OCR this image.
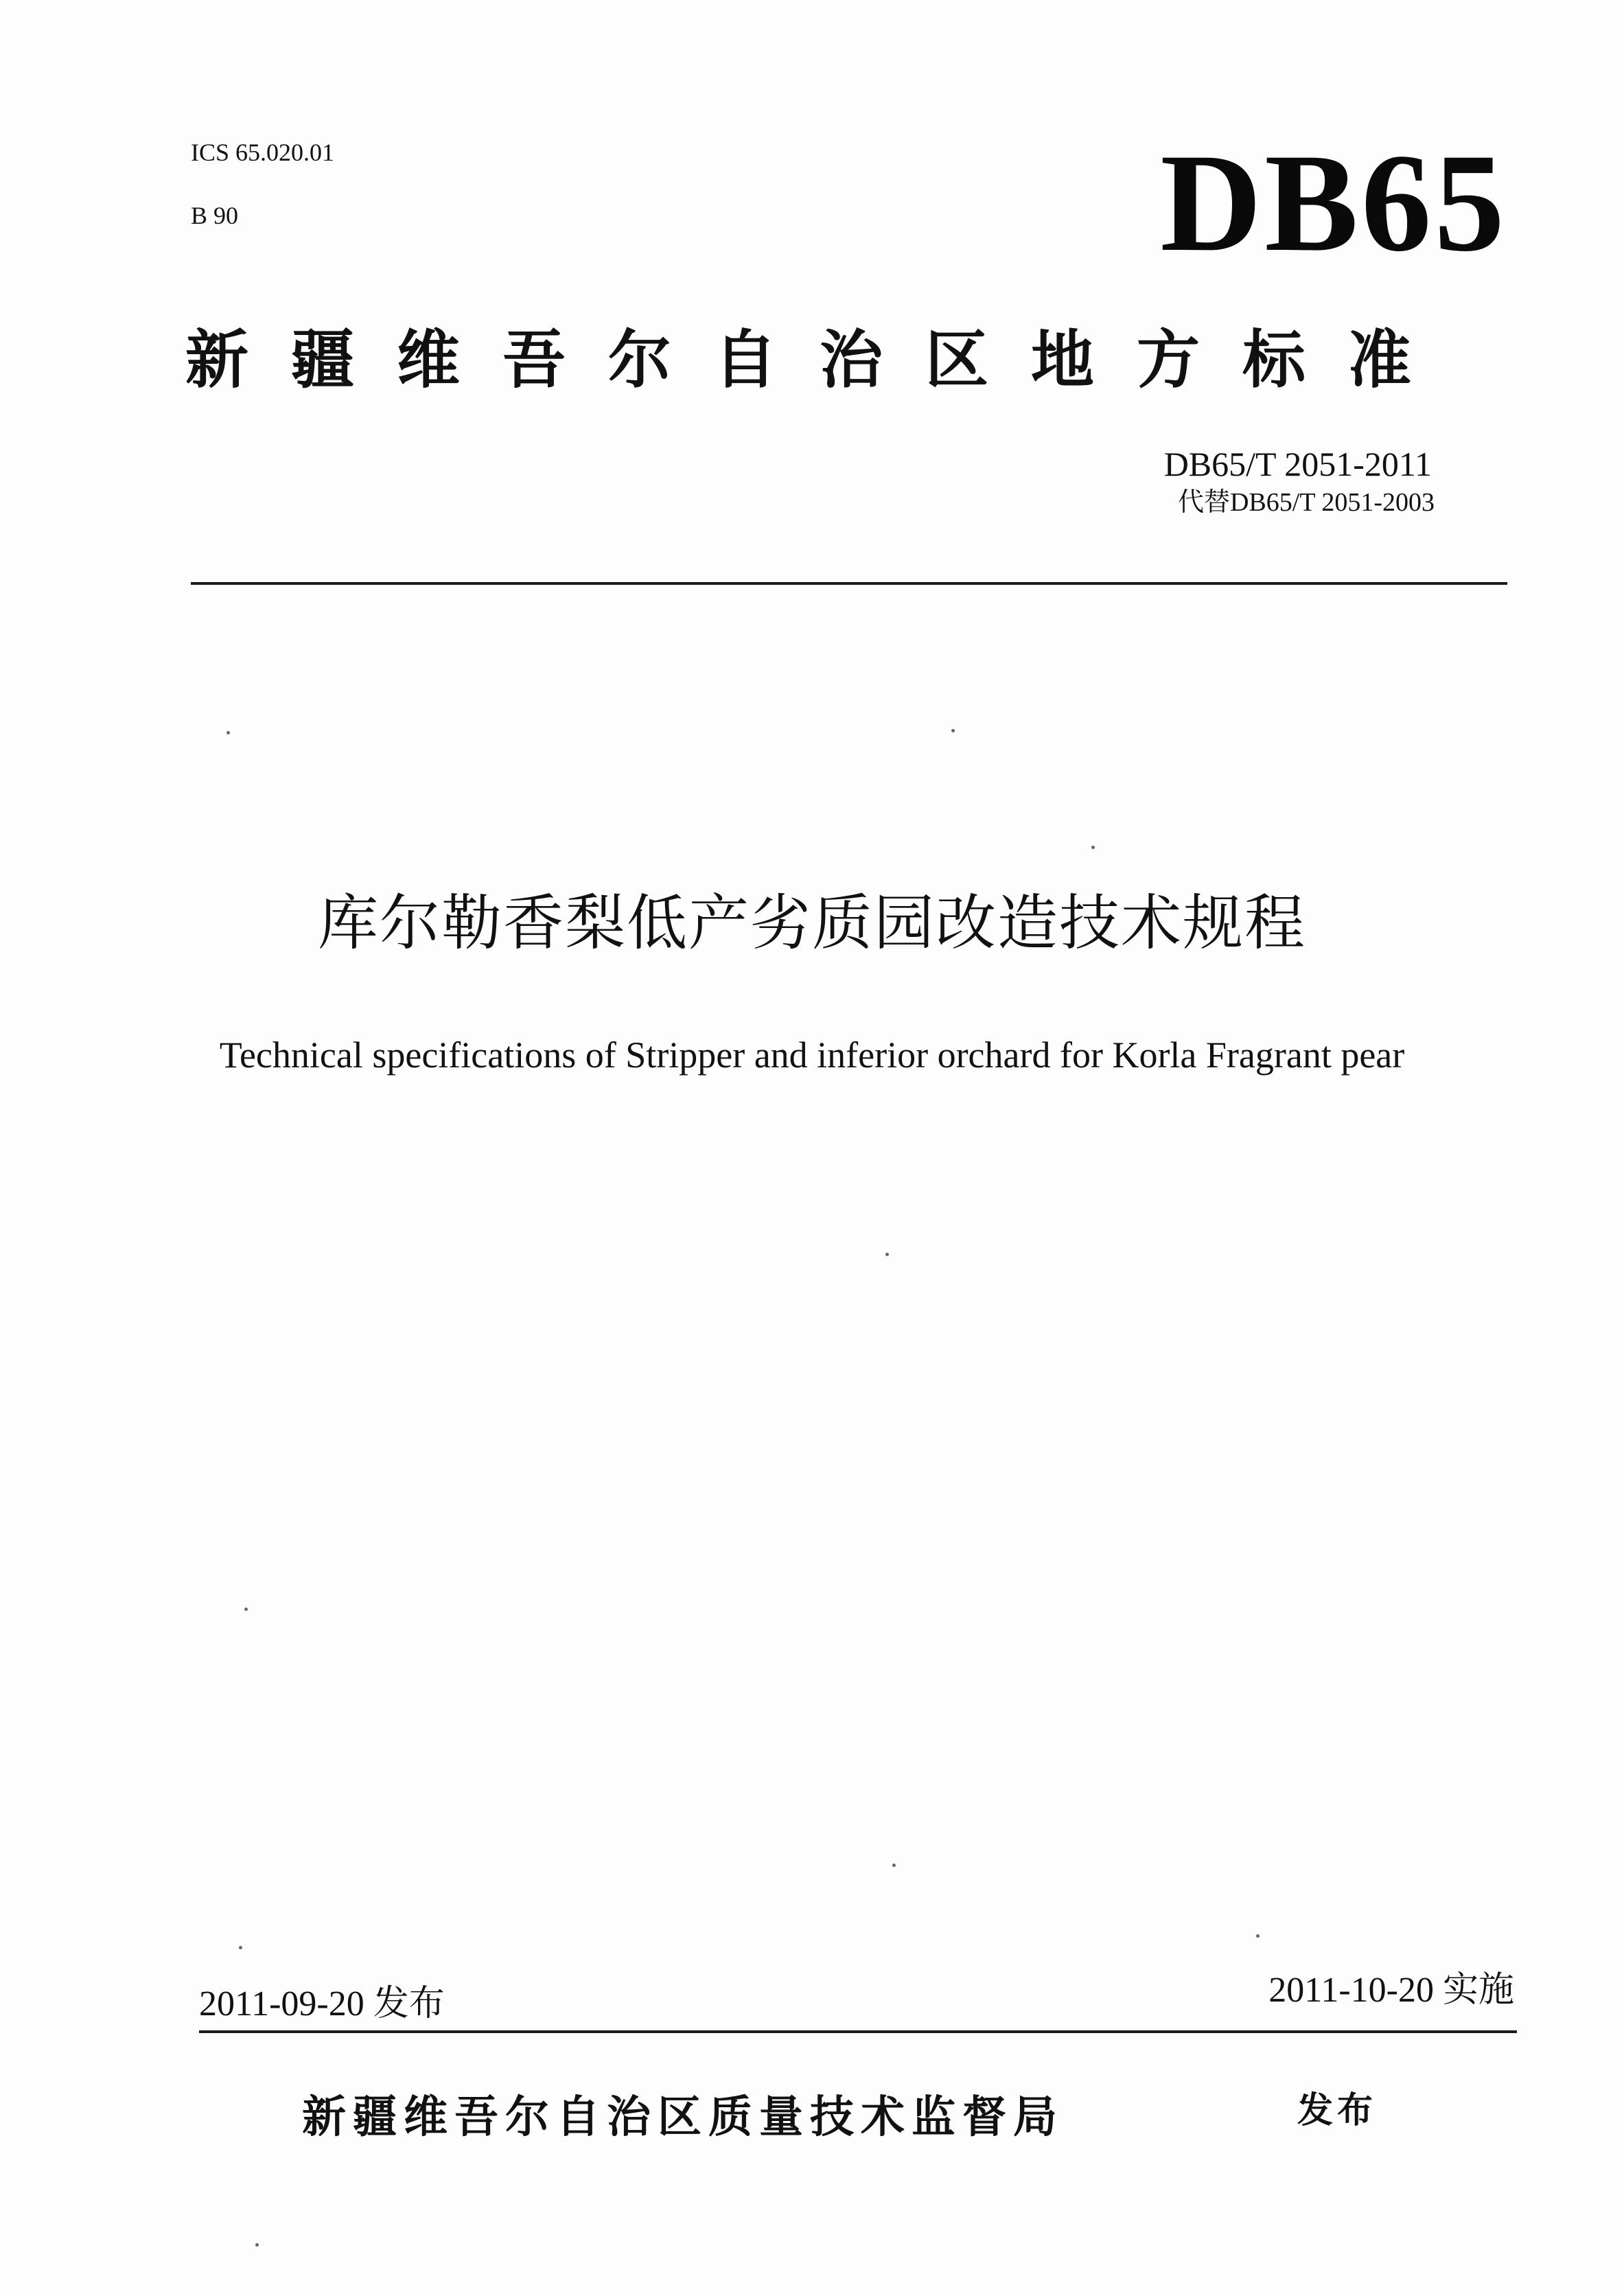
ICS 65.020.01
B 90	DB65
新疆维吾尔自治区地方标准
DB65/T 2051-2011
代替DB65/T 2051-2003
库尔勒香梨低产劣质园改造技术规程
Technical specifications of Stripper and inferior orchard for Korla Fragrant pear
2011-09-20 发布	2011-10-20 实施
新疆维吾尔自治区质量技术监督局	发布
